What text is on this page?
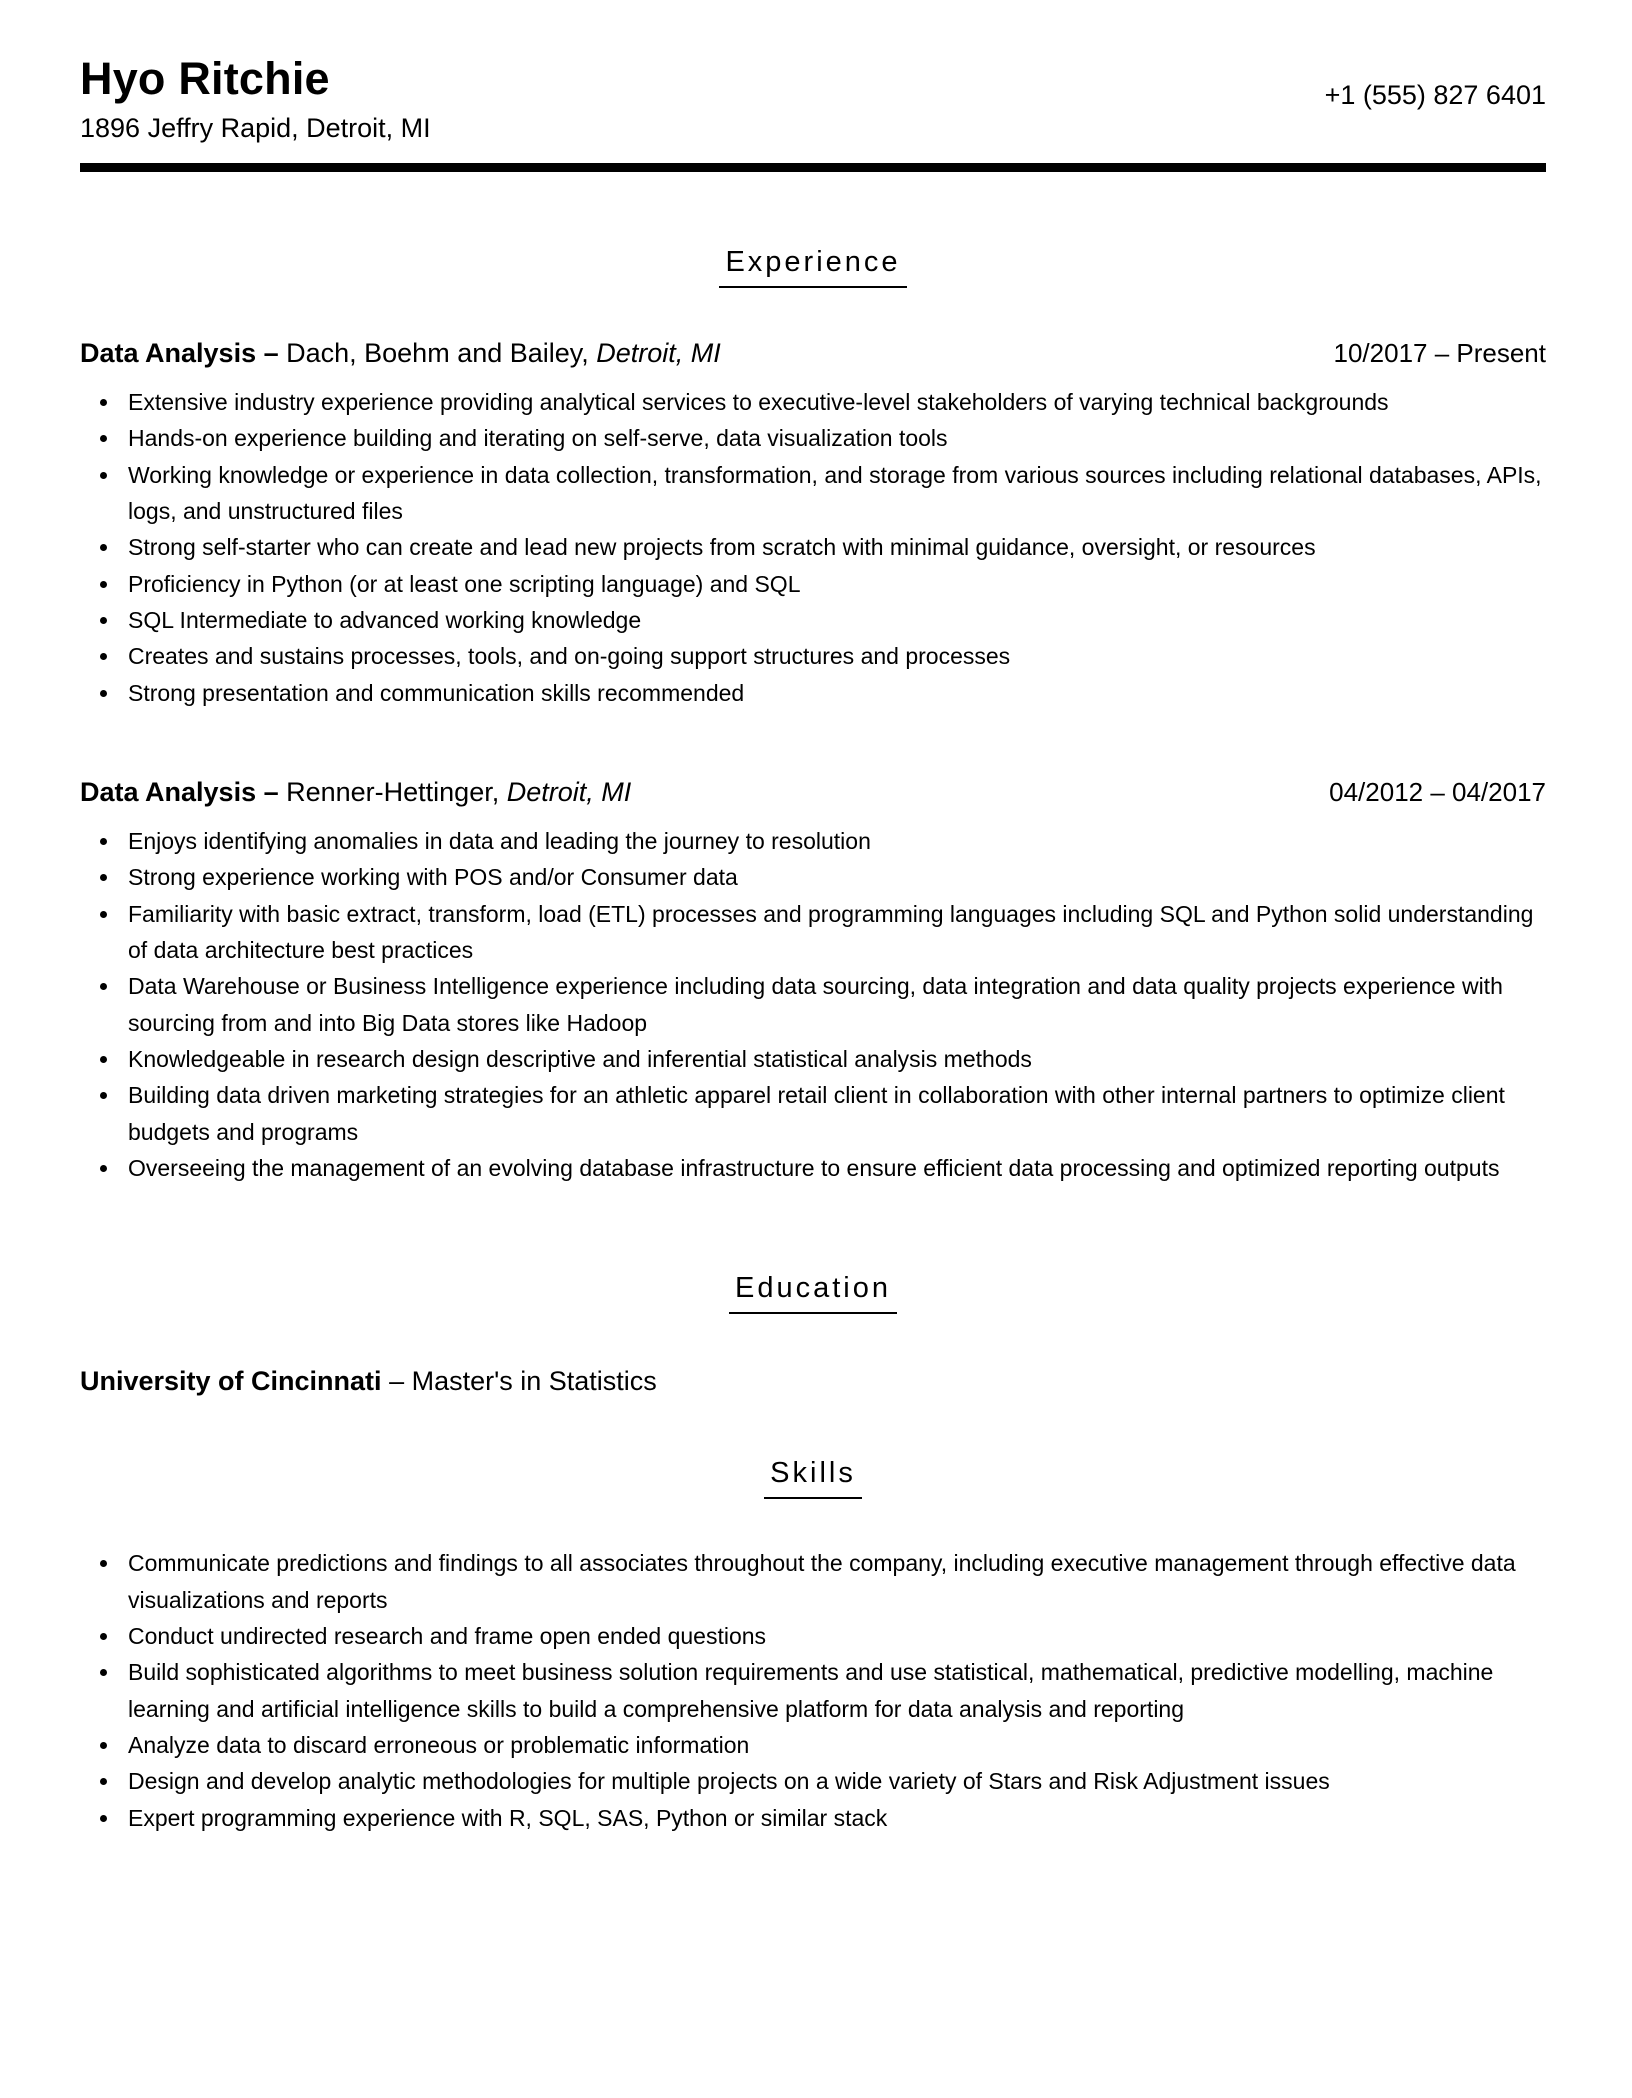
Hyo Ritchie
1896 Jeffry Rapid, Detroit, MI
+1 (555) 827 6401
Experience
Data Analysis – Dach, Boehm and Bailey, Detroit, MI	10/2017 – Present
• Extensive industry experience providing analytical services to executive-level stakeholders of varying technical backgrounds
• Hands-on experience building and iterating on self-serve, data visualization tools
• Working knowledge or experience in data collection, transformation, and storage from various sources including relational databases, APIs, logs, and unstructured files
• Strong self-starter who can create and lead new projects from scratch with minimal guidance, oversight, or resources
• Proficiency in Python (or at least one scripting language) and SQL
• SQL Intermediate to advanced working knowledge
• Creates and sustains processes, tools, and on-going support structures and processes
• Strong presentation and communication skills recommended
Data Analysis – Renner-Hettinger, Detroit, MI	04/2012 – 04/2017
• Enjoys identifying anomalies in data and leading the journey to resolution
• Strong experience working with POS and/or Consumer data
• Familiarity with basic extract, transform, load (ETL) processes and programming languages including SQL and Python solid understanding of data architecture best practices
• Data Warehouse or Business Intelligence experience including data sourcing, data integration and data quality projects experience with sourcing from and into Big Data stores like Hadoop
• Knowledgeable in research design descriptive and inferential statistical analysis methods
• Building data driven marketing strategies for an athletic apparel retail client in collaboration with other internal partners to optimize client budgets and programs
• Overseeing the management of an evolving database infrastructure to ensure efficient data processing and optimized reporting outputs
Education
University of Cincinnati – Master's in Statistics
Skills
• Communicate predictions and findings to all associates throughout the company, including executive management through effective data visualizations and reports
• Conduct undirected research and frame open ended questions
• Build sophisticated algorithms to meet business solution requirements and use statistical, mathematical, predictive modelling, machine learning and artificial intelligence skills to build a comprehensive platform for data analysis and reporting
• Analyze data to discard erroneous or problematic information
• Design and develop analytic methodologies for multiple projects on a wide variety of Stars and Risk Adjustment issues
• Expert programming experience with R, SQL, SAS, Python or similar stack
